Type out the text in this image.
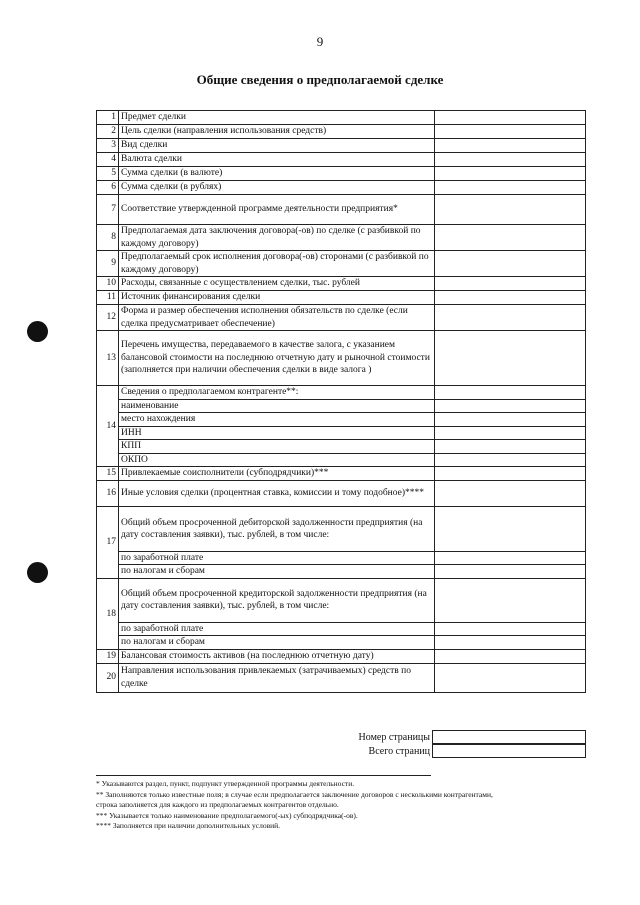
9
Общие сведения о предполагаемой сделке
1	Предмет сделки	
2	Цель сделки (направления использования средств)	
3	Вид сделки	
4	Валюта сделки	
5	Сумма сделки (в валюте)	
6	Сумма сделки (в рублях)	
7	Соответствие утвержденной программе деятельности предприятия*	
8	Предполагаемая дата заключения договора(-ов) по сделке (с разбивкой по каждому договору)	
9	Предполагаемый срок исполнения договора(-ов) сторонами (с разбивкой по каждому договору)	
10	Расходы, связанные с осуществлением сделки, тыс. рублей	
11	Источник финансирования сделки	
12	Форма и размер обеспечения исполнения обязательств по сделке (если сделка предусматривает обеспечение)	
13	Перечень имущества, передаваемого в качестве залога, с указанием балансовой стоимости на последнюю отчетную дату и рыночной стоимости (заполняется при наличии обеспечения сделки в виде залога )	
14	Сведения о предполагаемом контрагенте**:	
	наименование	
	место нахождения	
	ИНН	
	КПП	
	ОКПО	
15	Привлекаемые соисполнители (субподрядчики)***	
16	Иные условия сделки (процентная ставка, комиссии и тому подобное)****	
17	Общий объем просроченной дебиторской задолженности предприятия (на дату составления заявки), тыс. рублей, в том числе:	
	по заработной плате	
	по налогам и сборам	
18	Общий объем просроченной кредиторской задолженности предприятия (на дату составления заявки), тыс. рублей, в том числе:	
	по заработной плате	
	по налогам и сборам	
19	Балансовая стоимость активов (на последнюю отчетную дату)	
20	Направления использования привлекаемых (затрачиваемых) средств по сделке	
Номер страницы
Всего страниц
* Указываются раздел, пункт, подпункт утвержденной программы деятельности.
** Заполняются только известные поля; в случае если предполагается заключение договоров с несколькими контрагентами,
строка заполняется для каждого из предполагаемых контрагентов отдельно.
*** Указывается только наименование предполагаемого(-ых) субподрядчика(-ов).
**** Заполняется при наличии дополнительных условий.
